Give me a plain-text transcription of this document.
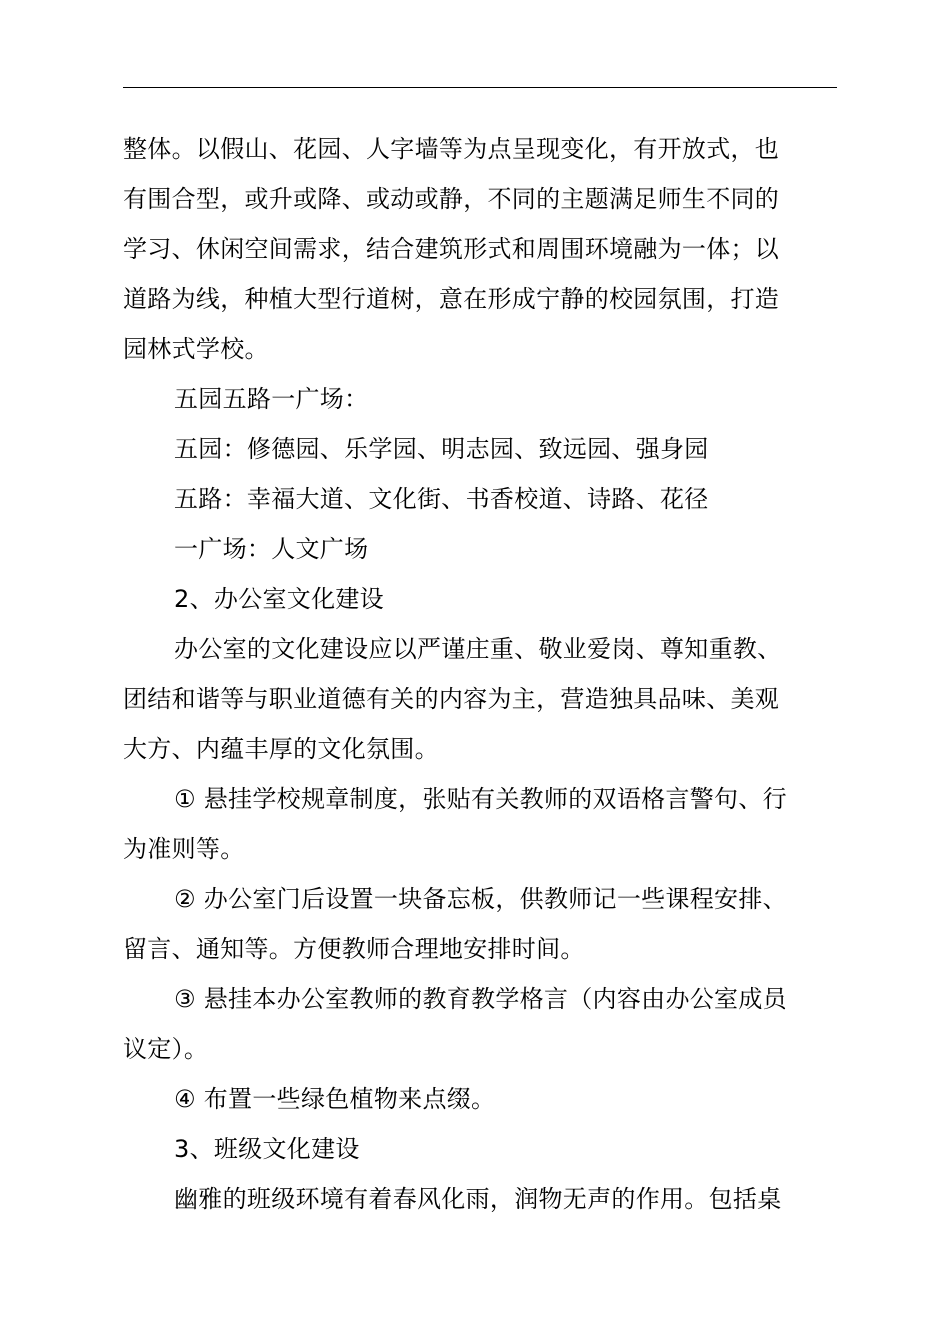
整体。以假山、花园、人字墙等为点呈现变化，有开放式，也
有围合型，或升或降、或动或静，不同的主题满足师生不同的
学习、休闲空间需求，结合建筑形式和周围环境融为一体；以
道路为线，种植大型行道树，意在形成宁静的校园氛围，打造
园林式学校。
五园五路一广场：
五园：修德园、乐学园、明志园、致远园、强身园
五路：幸福大道、文化街、书香校道、诗路、花径
一广场：人文广场
2、办公室文化建设
办公室的文化建设应以严谨庄重、敬业爱岗、尊知重教、
团结和谐等与职业道德有关的内容为主，营造独具品味、美观
大方、内蕴丰厚的文化氛围。
① 悬挂学校规章制度，张贴有关教师的双语格言警句、行
为准则等。
② 办公室门后设置一块备忘板，供教师记一些课程安排、
留言、通知等。方便教师合理地安排时间。
③ 悬挂本办公室教师的教育教学格言（内容由办公室成员
议定）。
④ 布置一些绿色植物来点缀。
3、班级文化建设
幽雅的班级环境有着春风化雨，润物无声的作用。包括桌
